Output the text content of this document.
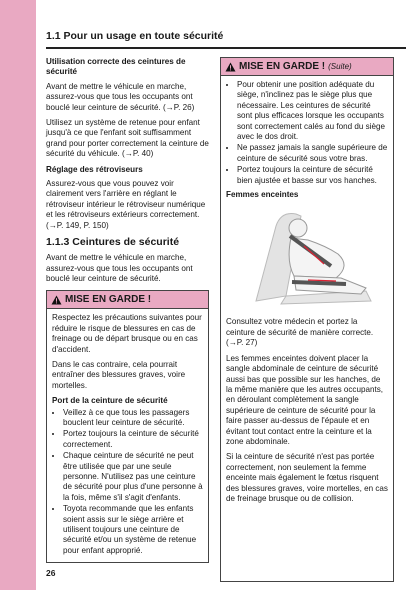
1.1 Pour un usage en toute sécurité
Utilisation correcte des ceintures de sécurité

Avant de mettre le véhicule en marche, assurez-vous que tous les occupants ont bouclé leur ceinture de sécurité. (→P. 26)

Utilisez un système de retenue pour enfant jusqu'à ce que l'enfant soit suffisamment grand pour porter correctement la ceinture de sécurité du véhicule. (→P. 40)

Réglage des rétroviseurs

Assurez-vous que vous pouvez voir clairement vers l'arrière en réglant le rétroviseur intérieur le rétroviseur numérique et les rétroviseurs extérieurs correctement. (→P. 149, P. 150)

1.1.3 Ceintures de sécurité

Avant de mettre le véhicule en marche, assurez-vous que tous les occupants ont bouclé leur ceinture de sécurité.

MISE EN GARDE !

Respectez les précautions suivantes pour réduire le risque de blessures en cas de freinage ou de départ brusque ou en cas d'accident.

Dans le cas contraire, cela pourrait entraîner des blessures graves, voire mortelles.

Port de la ceinture de sécurité
• Veillez à ce que tous les passagers bouclent leur ceinture de sécurité.
• Portez toujours la ceinture de sécurité correctement.
• Chaque ceinture de sécurité ne peut être utilisée que par une seule personne. N'utilisez pas une ceinture de sécurité pour plus d'une personne à la fois, même s'il s'agit d'enfants.
• Toyota recommande que les enfants soient assis sur le siège arrière et utilisent toujours une ceinture de sécurité et/ou un système de retenue pour enfant approprié.
MISE EN GARDE ! (Suite)
• Pour obtenir une position adéquate du siège, n'inclinez pas le siège plus que nécessaire. Les ceintures de sécurité sont plus efficaces lorsque les occupants sont correctement calés au fond du siège avec le dos droit.
• Ne passez jamais la sangle supérieure de ceinture de sécurité sous votre bras.
• Portez toujours la ceinture de sécurité bien ajustée et basse sur vos hanches.
Femmes enceintes

Consultez votre médecin et portez la ceinture de sécurité de manière correcte. (→P. 27)

Les femmes enceintes doivent placer la sangle abdominale de ceinture de sécurité aussi bas que possible sur les hanches, de la même manière que les autres occupants, en déroulant complètement la sangle supérieure de ceinture de sécurité pour la faire passer au-dessus de l'épaule et en évitant tout contact entre la ceinture et la zone abdominale.

Si la ceinture de sécurité n'est pas portée correctement, non seulement la femme enceinte mais également le fœtus risquent des blessures graves, voire mortelles, en cas de freinage brusque ou de collision.

26
